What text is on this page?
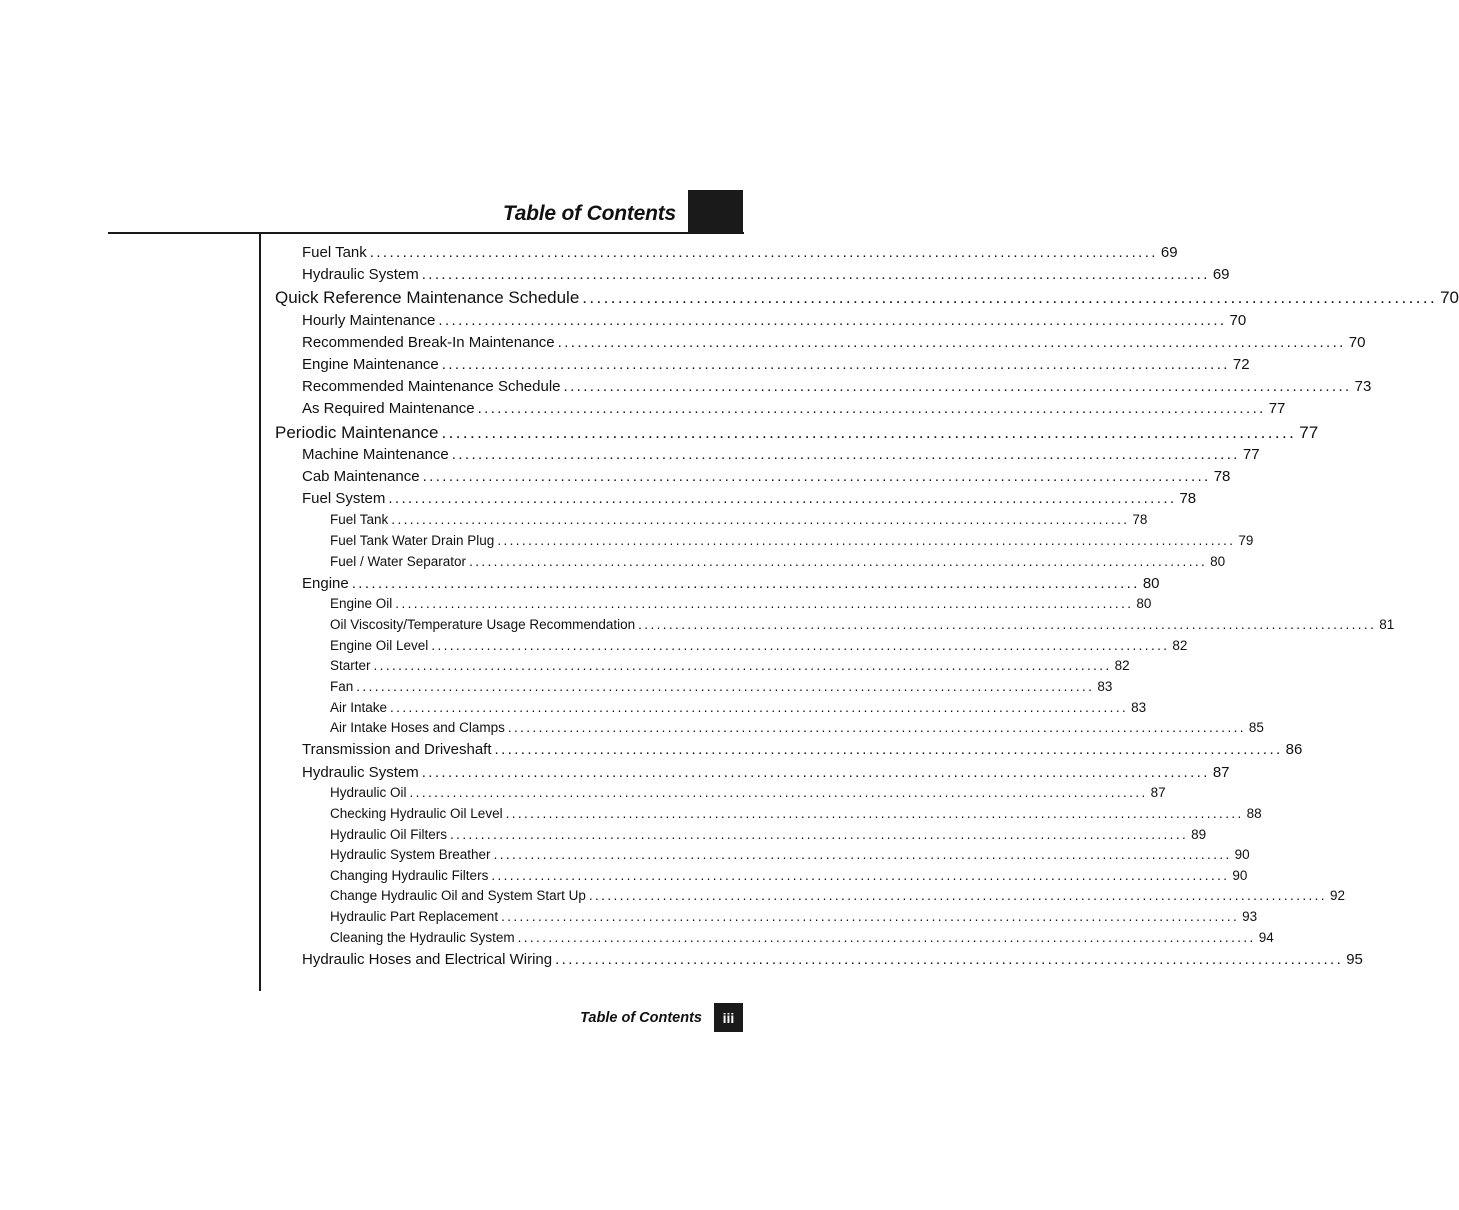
Table of Contents
Fuel Tank ........................................................................................................................ 69
Hydraulic System ........................................................................................................................ 69
Quick Reference Maintenance Schedule ........................................................................................................................ 70
Hourly Maintenance ........................................................................................................................ 70
Recommended Break-In Maintenance ........................................................................................................................ 70
Engine Maintenance ........................................................................................................................ 72
Recommended Maintenance Schedule ........................................................................................................................ 73
As Required Maintenance ........................................................................................................................ 77
Periodic Maintenance ........................................................................................................................ 77
Machine Maintenance ........................................................................................................................ 77
Cab Maintenance ........................................................................................................................ 78
Fuel System ........................................................................................................................ 78
Fuel Tank ........................................................................................................................ 78
Fuel Tank Water Drain Plug ........................................................................................................................ 79
Fuel / Water Separator ........................................................................................................................ 80
Engine ........................................................................................................................ 80
Engine Oil ........................................................................................................................ 80
Oil Viscosity/Temperature Usage Recommendation ........................................................................................................................ 81
Engine Oil Level ........................................................................................................................ 82
Starter ........................................................................................................................ 82
Fan ........................................................................................................................ 83
Air Intake ........................................................................................................................ 83
Air Intake Hoses and Clamps ........................................................................................................................ 85
Transmission and Driveshaft ........................................................................................................................ 86
Hydraulic System ........................................................................................................................ 87
Hydraulic Oil ........................................................................................................................ 87
Checking Hydraulic Oil Level ........................................................................................................................ 88
Hydraulic Oil Filters ........................................................................................................................ 89
Hydraulic System Breather ........................................................................................................................ 90
Changing Hydraulic Filters ........................................................................................................................ 90
Change Hydraulic Oil and System Start Up ........................................................................................................................ 92
Hydraulic Part Replacement ........................................................................................................................ 93
Cleaning the Hydraulic System ........................................................................................................................ 94
Hydraulic Hoses and Electrical Wiring ........................................................................................................................ 95
Table of Contents	iii
